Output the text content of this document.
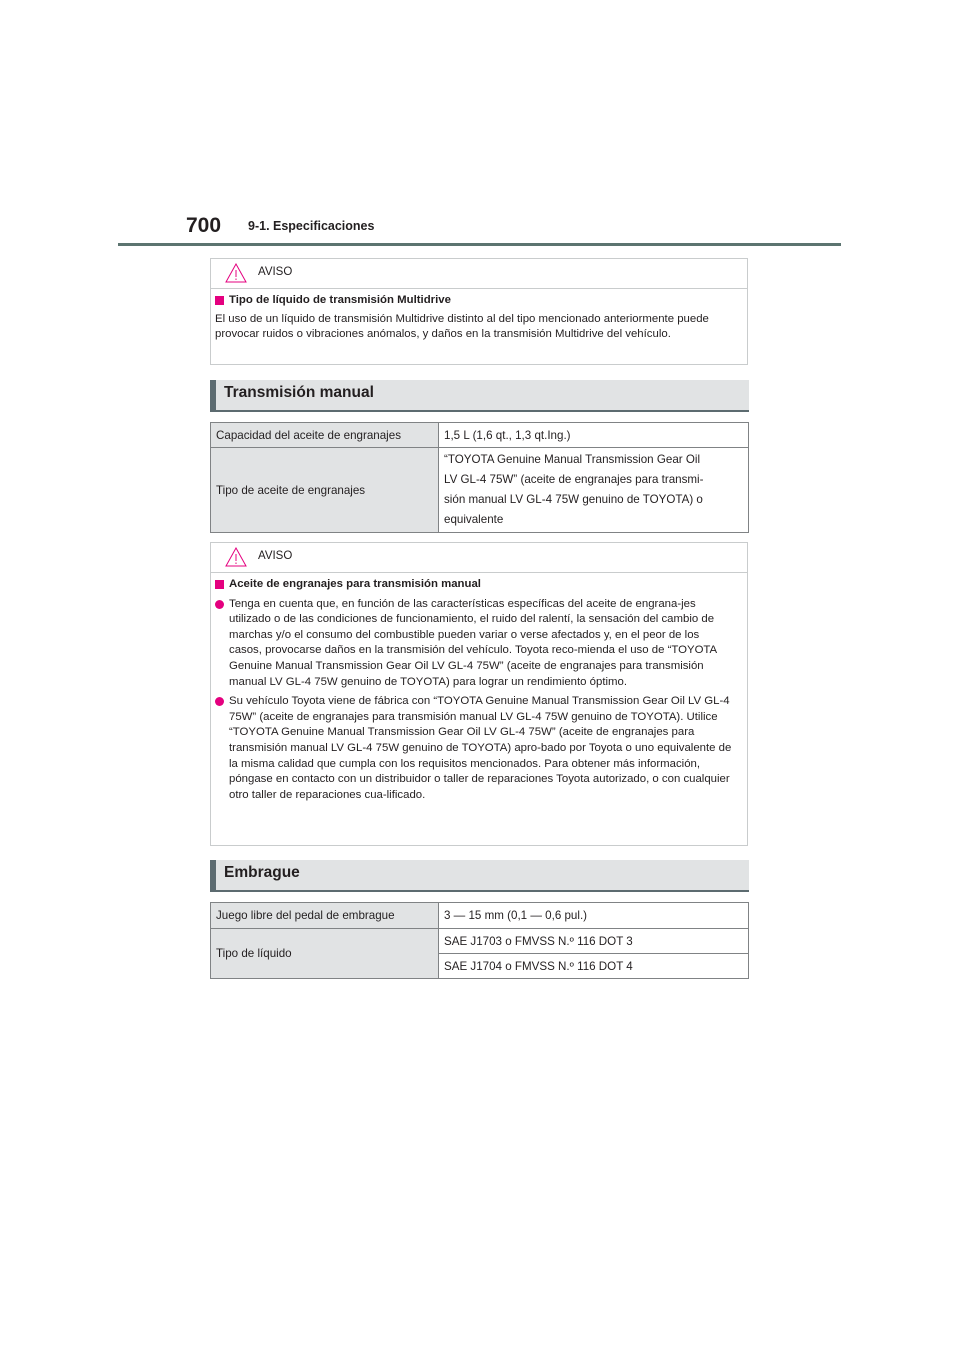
700 9-1. Especificaciones
AVISO
Tipo de líquido de transmisión Multidrive

El uso de un líquido de transmisión Multidrive distinto al del tipo mencionado anteriormente puede provocar ruidos o vibraciones anómalos, y daños en la transmisión Multidrive del vehículo.

Transmisión manual
Capacidad del aceite de engranajes	1,5 L (1,6 qt., 1,3 qt.Ing.)
Tipo de aceite de engranajes	“TOYOTA Genuine Manual Transmission Gear Oil
LV GL-4 75W” (aceite de engranajes para transmi-
sión manual LV GL-4 75W genuino de TOYOTA) o
equivalente
AVISO
Aceite de engranajes para transmisión manual
Tenga en cuenta que, en función de las características específicas del aceite de engrana-jes utilizado o de las condiciones de funcionamiento, el ruido del ralentí, la sensación del cambio de marchas y/o el consumo del combustible pueden variar o verse afectados y, en el peor de los casos, provocarse daños en la transmisión del vehículo. Toyota reco-mienda el uso de “TOYOTA Genuine Manual Transmission Gear Oil LV GL-4 75W” (aceite de engranajes para transmisión manual LV GL-4 75W genuino de TOYOTA) para lograr un rendimiento óptimo.
Su vehículo Toyota viene de fábrica con “TOYOTA Genuine Manual Transmission Gear Oil LV GL-4 75W” (aceite de engranajes para transmisión manual LV GL-4 75W genuino de TOYOTA). Utilice “TOYOTA Genuine Manual Transmission Gear Oil LV GL-4 75W” (aceite de engranajes para transmisión manual LV GL-4 75W genuino de TOYOTA) apro-bado por Toyota o uno equivalente de la misma calidad que cumpla con los requisitos mencionados. Para obtener más información, póngase en contacto con un distribuidor o taller de reparaciones Toyota autorizado, o con cualquier otro taller de reparaciones cua-lificado.
Embrague
Juego libre del pedal de embrague	3 — 15 mm (0,1 — 0,6 pul.)
Tipo de líquido	SAE J1703 o FMVSS N.º 116 DOT 3
	SAE J1704 o FMVSS N.º 116 DOT 4
